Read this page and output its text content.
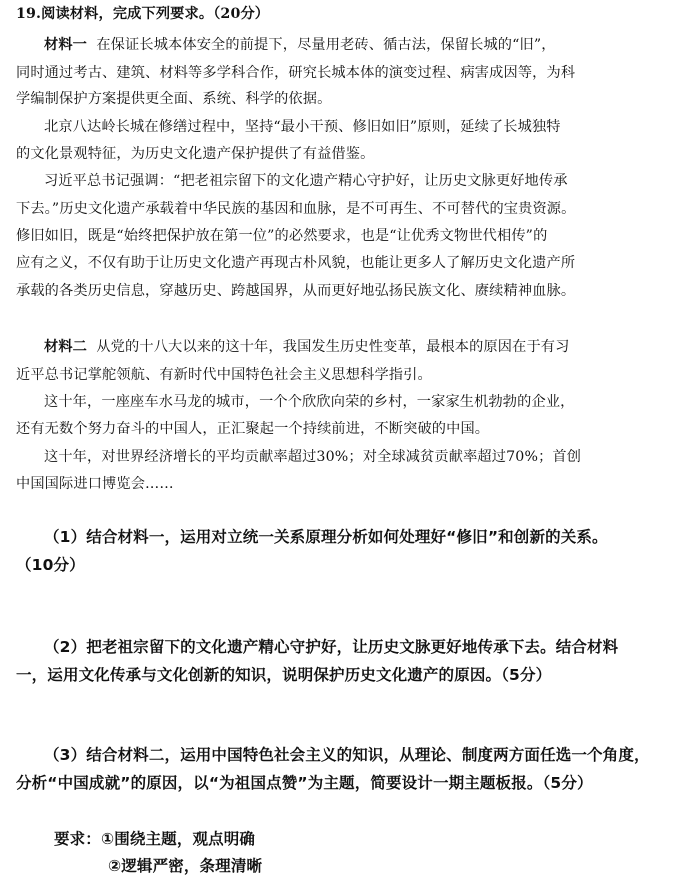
19.阅读材料，完成下列要求。（20分）
材料一 在保证长城本体安全的前提下，尽量用老砖、循古法，保留长城的“旧”，
同时通过考古、建筑、材料等多学科合作，研究长城本体的演变过程、病害成因等，为科
学编制保护方案提供更全面、系统、科学的依据。
北京八达岭长城在修缮过程中，坚持“最小干预、修旧如旧”原则，延续了长城独特
的文化景观特征，为历史文化遗产保护提供了有益借鉴。
习近平总书记强调：“把老祖宗留下的文化遗产精心守护好，让历史文脉更好地传承
下去。”历史文化遗产承载着中华民族的基因和血脉，是不可再生、不可替代的宝贵资源。
修旧如旧，既是“始终把保护放在第一位”的必然要求，也是“让优秀文物世代相传”的
应有之义，不仅有助于让历史文化遗产再现古朴风貌，也能让更多人了解历史文化遗产所
承载的各类历史信息，穿越历史、跨越国界，从而更好地弘扬民族文化、赓续精神血脉。
材料二 从党的十八大以来的这十年，我国发生历史性变革，最根本的原因在于有习
近平总书记掌舵领航、有新时代中国特色社会主义思想科学指引。
这十年，一座座车水马龙的城市，一个个欣欣向荣的乡村，一家家生机勃勃的企业，
还有无数个努力奋斗的中国人，正汇聚起一个持续前进，不断突破的中国。
这十年，对世界经济增长的平均贡献率超过30%；对全球减贫贡献率超过70%；首创
中国国际进口博览会……
（1）结合材料一，运用对立统一关系原理分析如何处理好“修旧”和创新的关系。
（10分）
（2）把老祖宗留下的文化遗产精心守护好，让历史文脉更好地传承下去。结合材料
一，运用文化传承与文化创新的知识，说明保护历史文化遗产的原因。（5分）
（3）结合材料二，运用中国特色社会主义的知识，从理论、制度两方面任选一个角度，
分析“中国成就”的原因，以“为祖国点赞”为主题，简要设计一期主题板报。（5分）
要求：①围绕主题，观点明确
②逻辑严密，条理清晰
